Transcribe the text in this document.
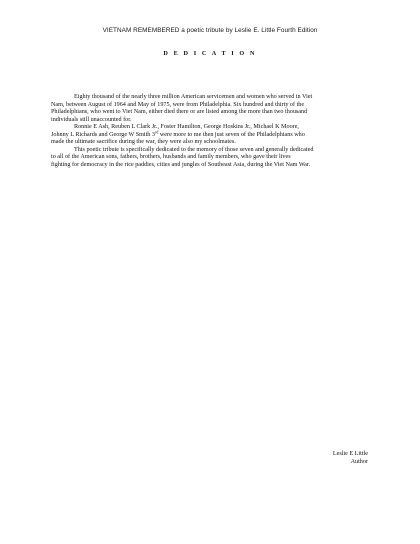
VIETNAM REMEMBERED a poetic tribute by Leslie E. Little Fourth Edition
D E D I C A T I O N
Eighty thousand of the nearly three million American servicemen and women who served in Viet
Nam, between August of 1964 and May of 1975, were from Philadelphia. Six hundred and thirty of the
Philadelphians, who went to Viet Nam, either died there or are listed among the more than two thousand
individuals still unaccounted for.
Ronnie E Ash, Reuben L Clark Jr., Foster Hamilton, George Hoskins Jr., Michael K Moore,
Johnny L Richards and George W Smith 3rd were more to me then just seven of the Philadelphians who
made the ultimate sacrifice during the war, they were also my schoolmates.
This poetic tribute is specifically dedicated to the memory of those seven and generally dedicated
to all of the American sons, fathers, brothers, husbands and family members, who gave their lives
fighting for democracy in the rice paddies, cities and jungles of Southeast Asia, during the Viet Nam War.
Leslie E Little
Author
